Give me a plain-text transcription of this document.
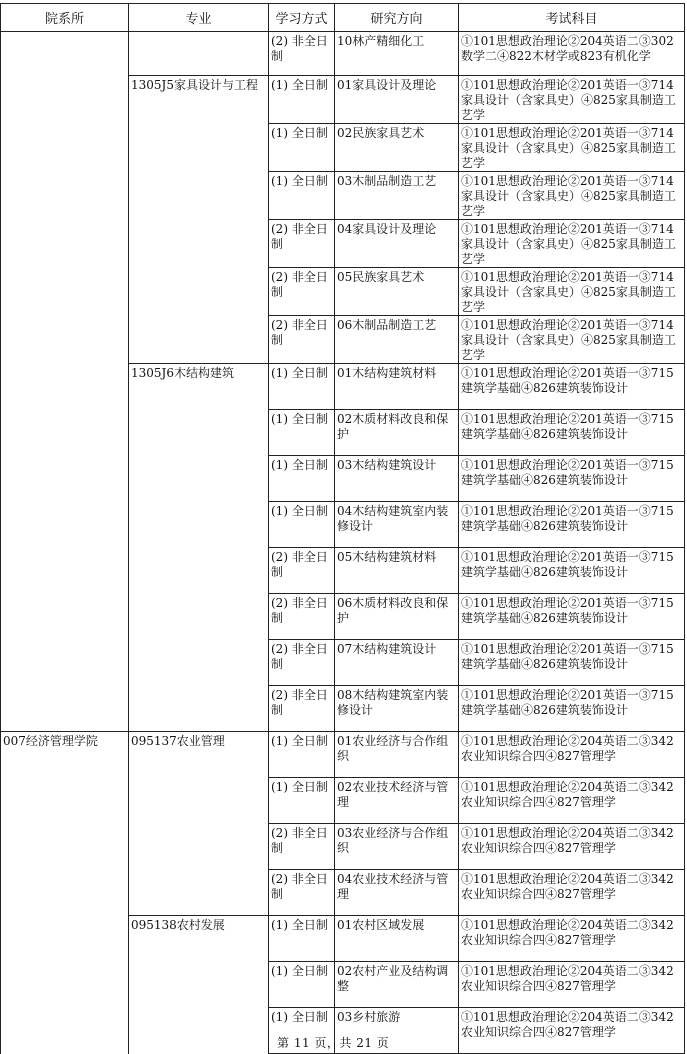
院系所	专业	学习方式	研究方向	考试科目
		(2) 非全日制	10林产精细化工	①101思想政治理论②204英语二③302数学二④822木材学或823有机化学
	1305J5家具设计与工程	(1) 全日制	01家具设计及理论	①101思想政治理论②201英语一③714家具设计（含家具史）④825家具制造工艺学
		(1) 全日制	02民族家具艺术	①101思想政治理论②201英语一③714家具设计（含家具史）④825家具制造工艺学
		(1) 全日制	03木制品制造工艺	①101思想政治理论②201英语一③714家具设计（含家具史）④825家具制造工艺学
		(2) 非全日制	04家具设计及理论	①101思想政治理论②201英语一③714家具设计（含家具史）④825家具制造工艺学
		(2) 非全日制	05民族家具艺术	①101思想政治理论②201英语一③714家具设计（含家具史）④825家具制造工艺学
		(2) 非全日制	06木制品制造工艺	①101思想政治理论②201英语一③714家具设计（含家具史）④825家具制造工艺学
	1305J6木结构建筑	(1) 全日制	01木结构建筑材料	①101思想政治理论②201英语一③715建筑学基础④826建筑装饰设计
		(1) 全日制	02木质材料改良和保护	①101思想政治理论②201英语一③715建筑学基础④826建筑装饰设计
		(1) 全日制	03木结构建筑设计	①101思想政治理论②201英语一③715建筑学基础④826建筑装饰设计
		(1) 全日制	04木结构建筑室内装修设计	①101思想政治理论②201英语一③715建筑学基础④826建筑装饰设计
		(2) 非全日制	05木结构建筑材料	①101思想政治理论②201英语一③715建筑学基础④826建筑装饰设计
		(2) 非全日制	06木质材料改良和保护	①101思想政治理论②201英语一③715建筑学基础④826建筑装饰设计
		(2) 非全日制	07木结构建筑设计	①101思想政治理论②201英语一③715建筑学基础④826建筑装饰设计
		(2) 非全日制	08木结构建筑室内装修设计	①101思想政治理论②201英语一③715建筑学基础④826建筑装饰设计
007经济管理学院	095137农业管理	(1) 全日制	01农业经济与合作组织	①101思想政治理论②204英语二③342农业知识综合四④827管理学
		(1) 全日制	02农业技术经济与管理	①101思想政治理论②204英语二③342农业知识综合四④827管理学
		(2) 非全日制	03农业经济与合作组织	①101思想政治理论②204英语二③342农业知识综合四④827管理学
		(2) 非全日制	04农业技术经济与管理	①101思想政治理论②204英语二③342农业知识综合四④827管理学
	095138农村发展	(1) 全日制	01农村区域发展	①101思想政治理论②204英语二③342农业知识综合四④827管理学
		(1) 全日制	02农村产业及结构调整	①101思想政治理论②204英语二③342农业知识综合四④827管理学
		(1) 全日制	03乡村旅游	①101思想政治理论②204英语二③342农业知识综合四④827管理学
第 11 页，共 21 页
